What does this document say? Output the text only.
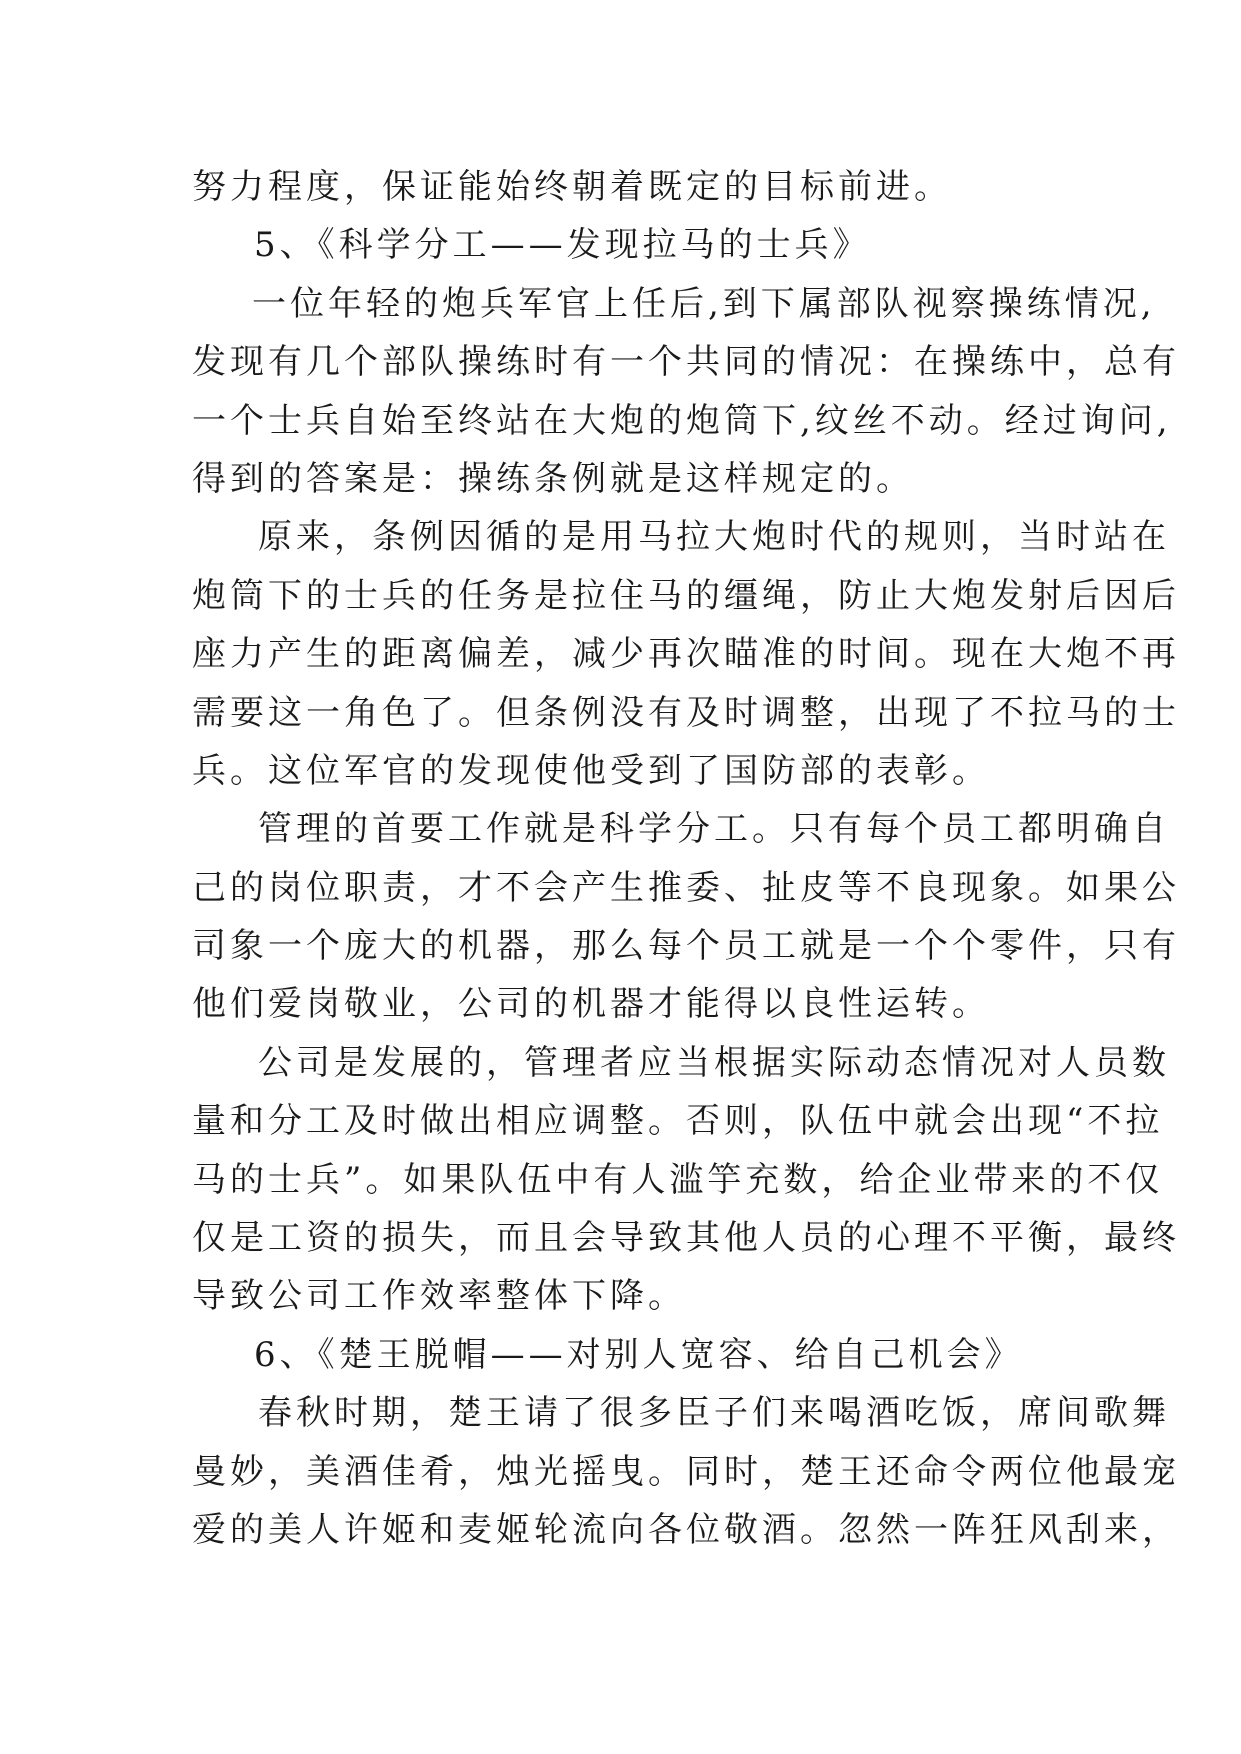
努力程度，保证能始终朝着既定的目标前进。
5、《科学分工——发现拉马的士兵》
一位年轻的炮兵军官上任后,到下属部队视察操练情况,
发现有几个部队操练时有一个共同的情况：在操练中，总有
一个士兵自始至终站在大炮的炮筒下,纹丝不动。经过询问,
得到的答案是：操练条例就是这样规定的。
原来，条例因循的是用马拉大炮时代的规则，当时站在
炮筒下的士兵的任务是拉住马的缰绳，防止大炮发射后因后
座力产生的距离偏差，减少再次瞄准的时间。现在大炮不再
需要这一角色了。但条例没有及时调整，出现了不拉马的士
兵。这位军官的发现使他受到了国防部的表彰。
管理的首要工作就是科学分工。只有每个员工都明确自
己的岗位职责，才不会产生推委、扯皮等不良现象。如果公
司象一个庞大的机器，那么每个员工就是一个个零件，只有
他们爱岗敬业，公司的机器才能得以良性运转。
公司是发展的，管理者应当根据实际动态情况对人员数
量和分工及时做出相应调整。否则，队伍中就会出现“不拉
马的士兵”。如果队伍中有人滥竽充数，给企业带来的不仅
仅是工资的损失，而且会导致其他人员的心理不平衡，最终
导致公司工作效率整体下降。
6、《楚王脱帽——对别人宽容、给自己机会》
春秋时期，楚王请了很多臣子们来喝酒吃饭，席间歌舞
曼妙，美酒佳肴，烛光摇曳。同时，楚王还命令两位他最宠
爱的美人许姬和麦姬轮流向各位敬酒。忽然一阵狂风刮来，
